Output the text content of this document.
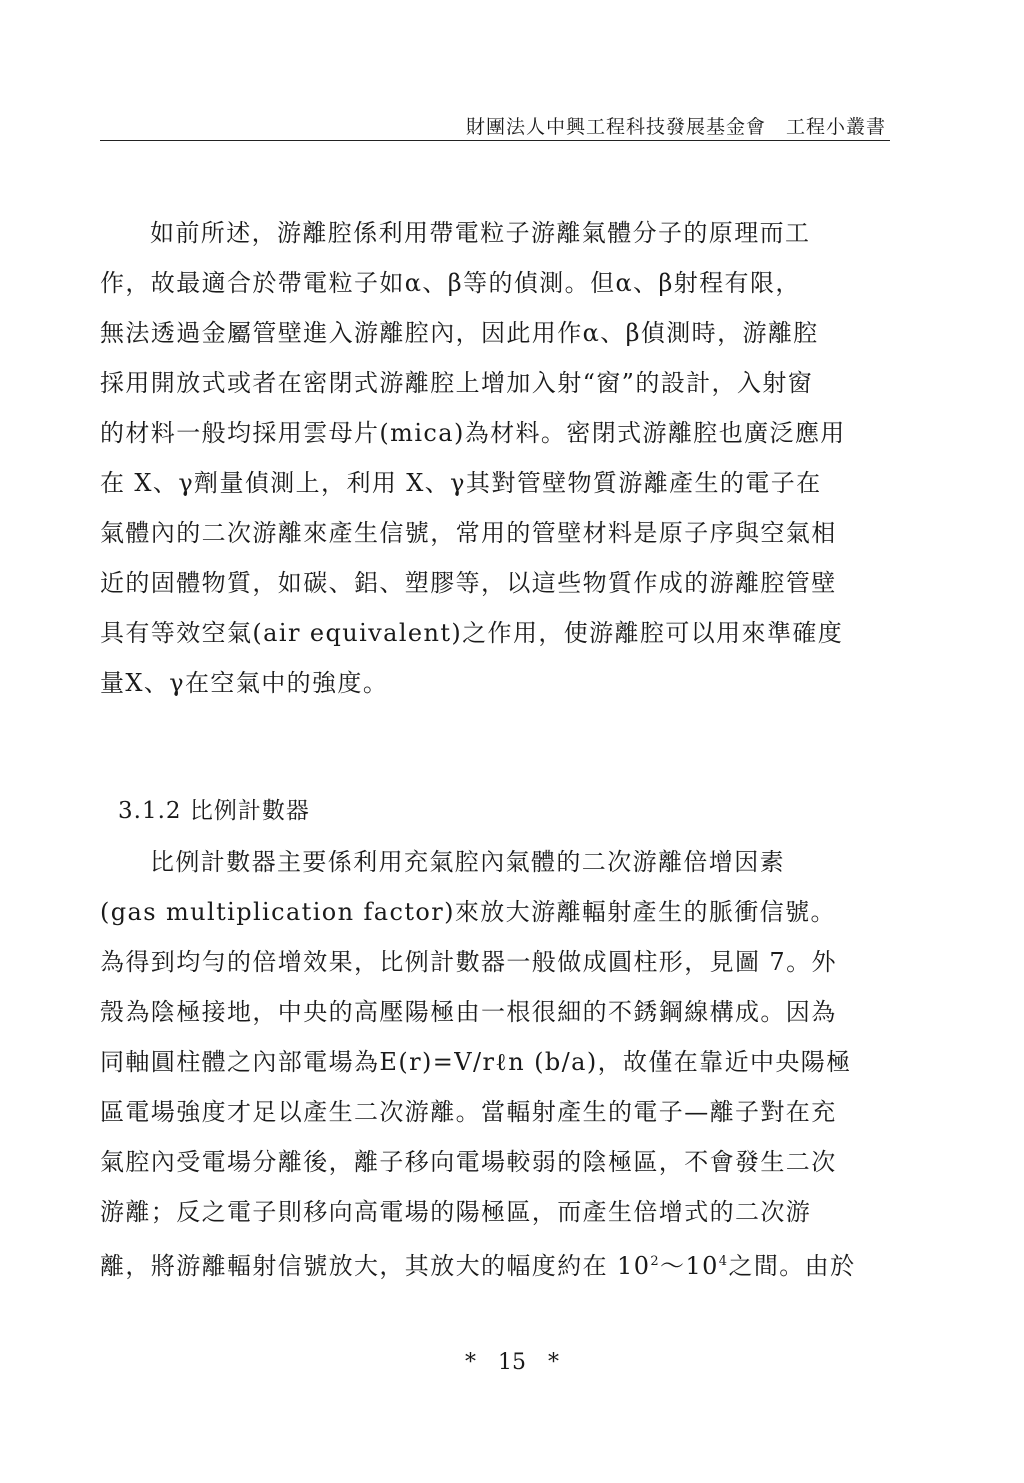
財團法人中興工程科技發展基金會　工程小叢書
如前所述，游離腔係利用帶電粒子游離氣體分子的原理而工
作，故最適合於帶電粒子如α、β等的偵測。但α、β射程有限，
無法透過金屬管壁進入游離腔內，因此用作α、β偵測時，游離腔
採用開放式或者在密閉式游離腔上增加入射“窗”的設計，入射窗
的材料一般均採用雲母片(mica)為材料。密閉式游離腔也廣泛應用
在 X、γ劑量偵測上，利用 X、γ其對管壁物質游離產生的電子在
氣體內的二次游離來產生信號，常用的管壁材料是原子序與空氣相
近的固體物質，如碳、鋁、塑膠等，以這些物質作成的游離腔管壁
具有等效空氣(air equivalent)之作用，使游離腔可以用來準確度
量X、γ在空氣中的強度。
3.1.2 比例計數器
比例計數器主要係利用充氣腔內氣體的二次游離倍增因素
(gas multiplication factor)來放大游離輻射產生的脈衝信號。
為得到均勻的倍增效果，比例計數器一般做成圓柱形，見圖 7。外
殼為陰極接地，中央的高壓陽極由一根很細的不銹鋼線構成。因為
同軸圓柱體之內部電場為E(r)=V/rℓn (b/a)，故僅在靠近中央陽極
區電場強度才足以產生二次游離。當輻射產生的電子—離子對在充
氣腔內受電場分離後，離子移向電場較弱的陰極區，不會發生二次
游離；反之電子則移向高電場的陽極區，而產生倍增式的二次游
離，將游離輻射信號放大，其放大的幅度約在 $10^2\sim 10^4$之間。由於
*　15　*
